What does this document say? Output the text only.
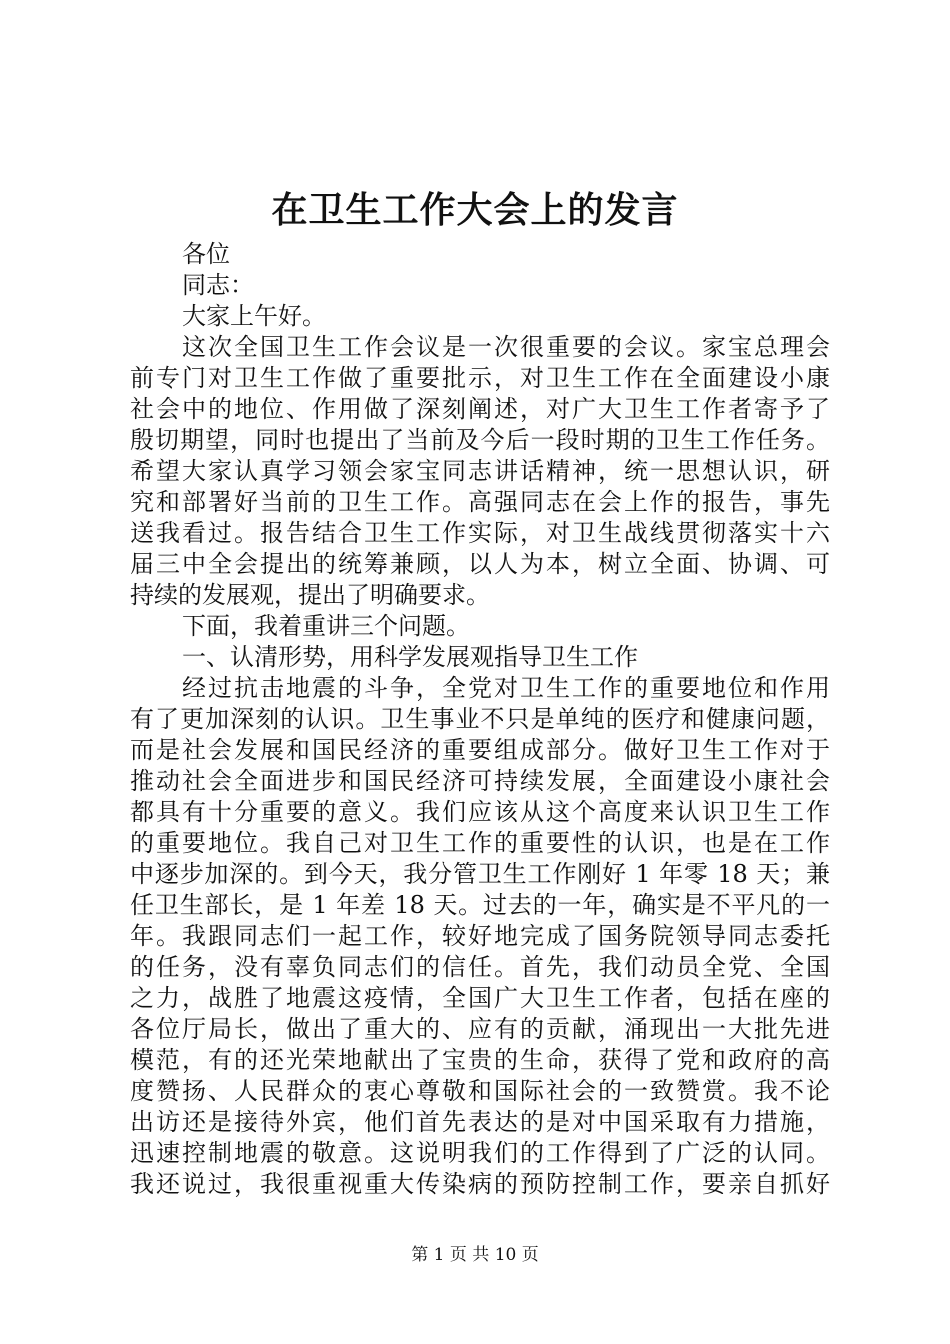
在卫生工作大会上的发言
各位
同志：
大家上午好。
这次全国卫生工作会议是一次很重要的会议。家宝总理会
前专门对卫生工作做了重要批示，对卫生工作在全面建设小康
社会中的地位、作用做了深刻阐述，对广大卫生工作者寄予了
殷切期望，同时也提出了当前及今后一段时期的卫生工作任务。
希望大家认真学习领会家宝同志讲话精神，统一思想认识，研
究和部署好当前的卫生工作。高强同志在会上作的报告，事先
送我看过。报告结合卫生工作实际，对卫生战线贯彻落实十六
届三中全会提出的统筹兼顾，以人为本，树立全面、协调、可
持续的发展观，提出了明确要求。
下面，我着重讲三个问题。
一、认清形势，用科学发展观指导卫生工作
经过抗击地震的斗争，全党对卫生工作的重要地位和作用
有了更加深刻的认识。卫生事业不只是单纯的医疗和健康问题，
而是社会发展和国民经济的重要组成部分。做好卫生工作对于
推动社会全面进步和国民经济可持续发展，全面建设小康社会
都具有十分重要的意义。我们应该从这个高度来认识卫生工作
的重要地位。我自己对卫生工作的重要性的认识，也是在工作
中逐步加深的。到今天，我分管卫生工作刚好 1 年零 18 天；兼
任卫生部长，是 1 年差 18 天。过去的一年，确实是不平凡的一
年。我跟同志们一起工作，较好地完成了国务院领导同志委托
的任务，没有辜负同志们的信任。首先，我们动员全党、全国
之力，战胜了地震这疫情，全国广大卫生工作者，包括在座的
各位厅局长，做出了重大的、应有的贡献，涌现出一大批先进
模范，有的还光荣地献出了宝贵的生命，获得了党和政府的高
度赞扬、人民群众的衷心尊敬和国际社会的一致赞赏。我不论
出访还是接待外宾，他们首先表达的是对中国采取有力措施，
迅速控制地震的敬意。这说明我们的工作得到了广泛的认同。
我还说过，我很重视重大传染病的预防控制工作，要亲自抓好
第 1 页 共 10 页
